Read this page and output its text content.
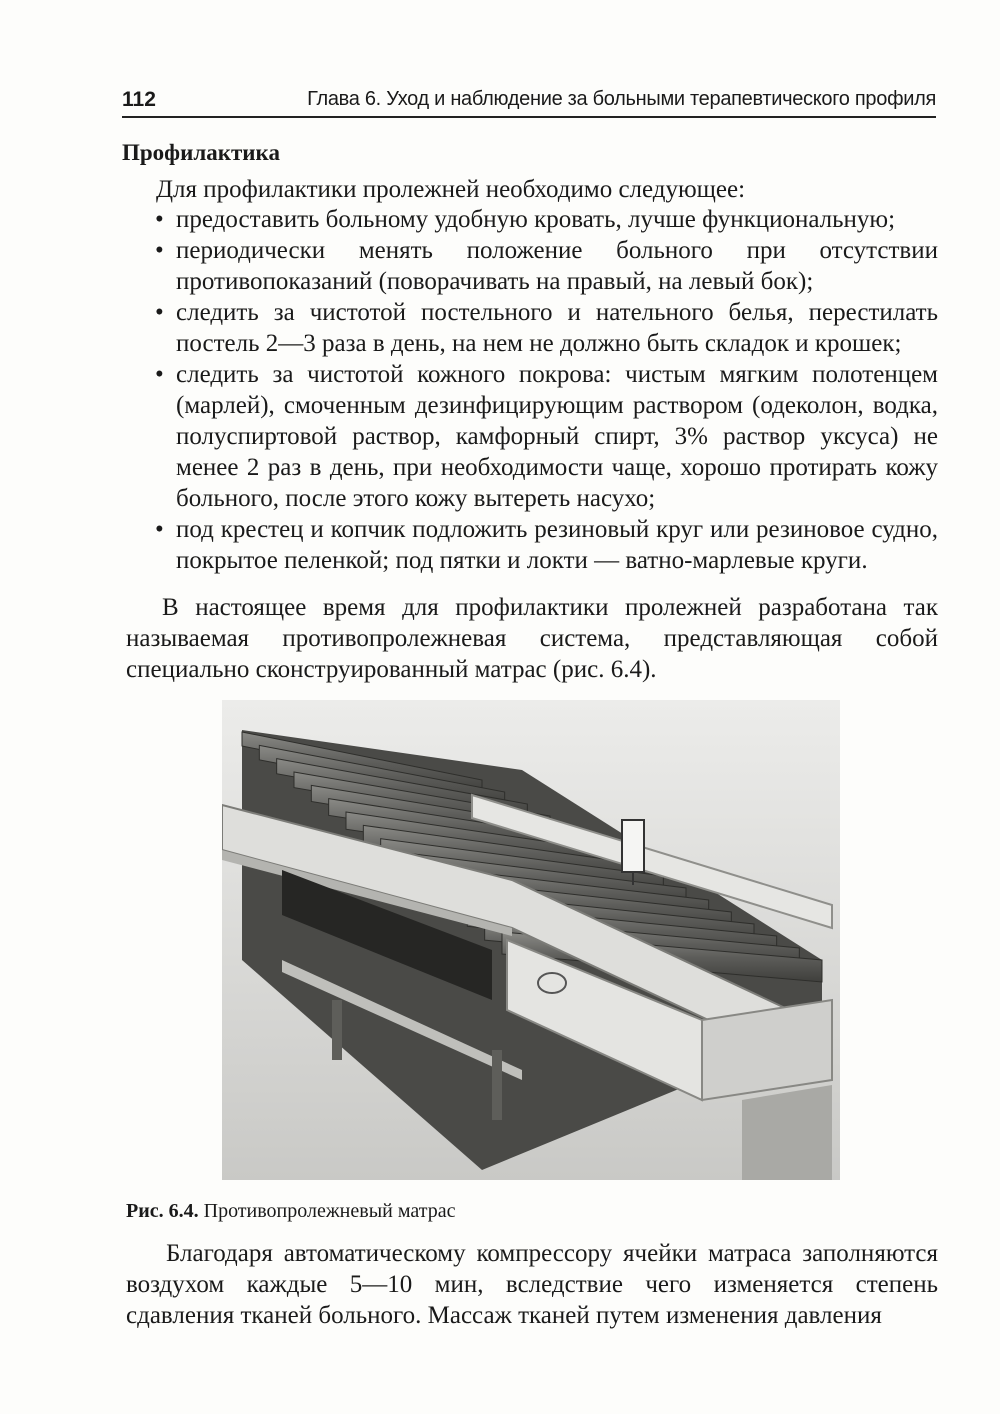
112	Глава 6. Уход и наблюдение за больными терапевтического профиля
Профилактика
Для профилактики пролежней необходимо следующее:
• предоставить больному удобную кровать, лучше функциональную;
• периодически менять положение больного при отсутствии противопоказаний (поворачивать на правый, на левый бок);
• следить за чистотой постельного и нательного белья, перестилать постель 2—3 раза в день, на нем не должно быть складок и крошек;
• следить за чистотой кожного покрова: чистым мягким полотенцем (марлей), смоченным дезинфицирующим раствором (одеколон, водка, полуспиртовой раствор, камфорный спирт, 3% раствор уксуса) не менее 2 раз в день, при необходимости чаще, хорошо протирать кожу больного, после этого кожу вытереть насухо;
• под крестец и копчик подложить резиновый круг или резиновое судно, покрытое пеленкой; под пятки и локти — ватно-марлевые круги.
В настоящее время для профилактики пролежней разработана так называемая противопролежневая система, представляющая собой специально сконструированный матрас (рис. 6.4).
Рис. 6.4. Противопролежневый матрас
Благодаря автоматическому компрессору ячейки матраса заполняются воздухом каждые 5—10 мин, вследствие чего изменяется степень сдавления тканей больного. Массаж тканей путем изменения давления
